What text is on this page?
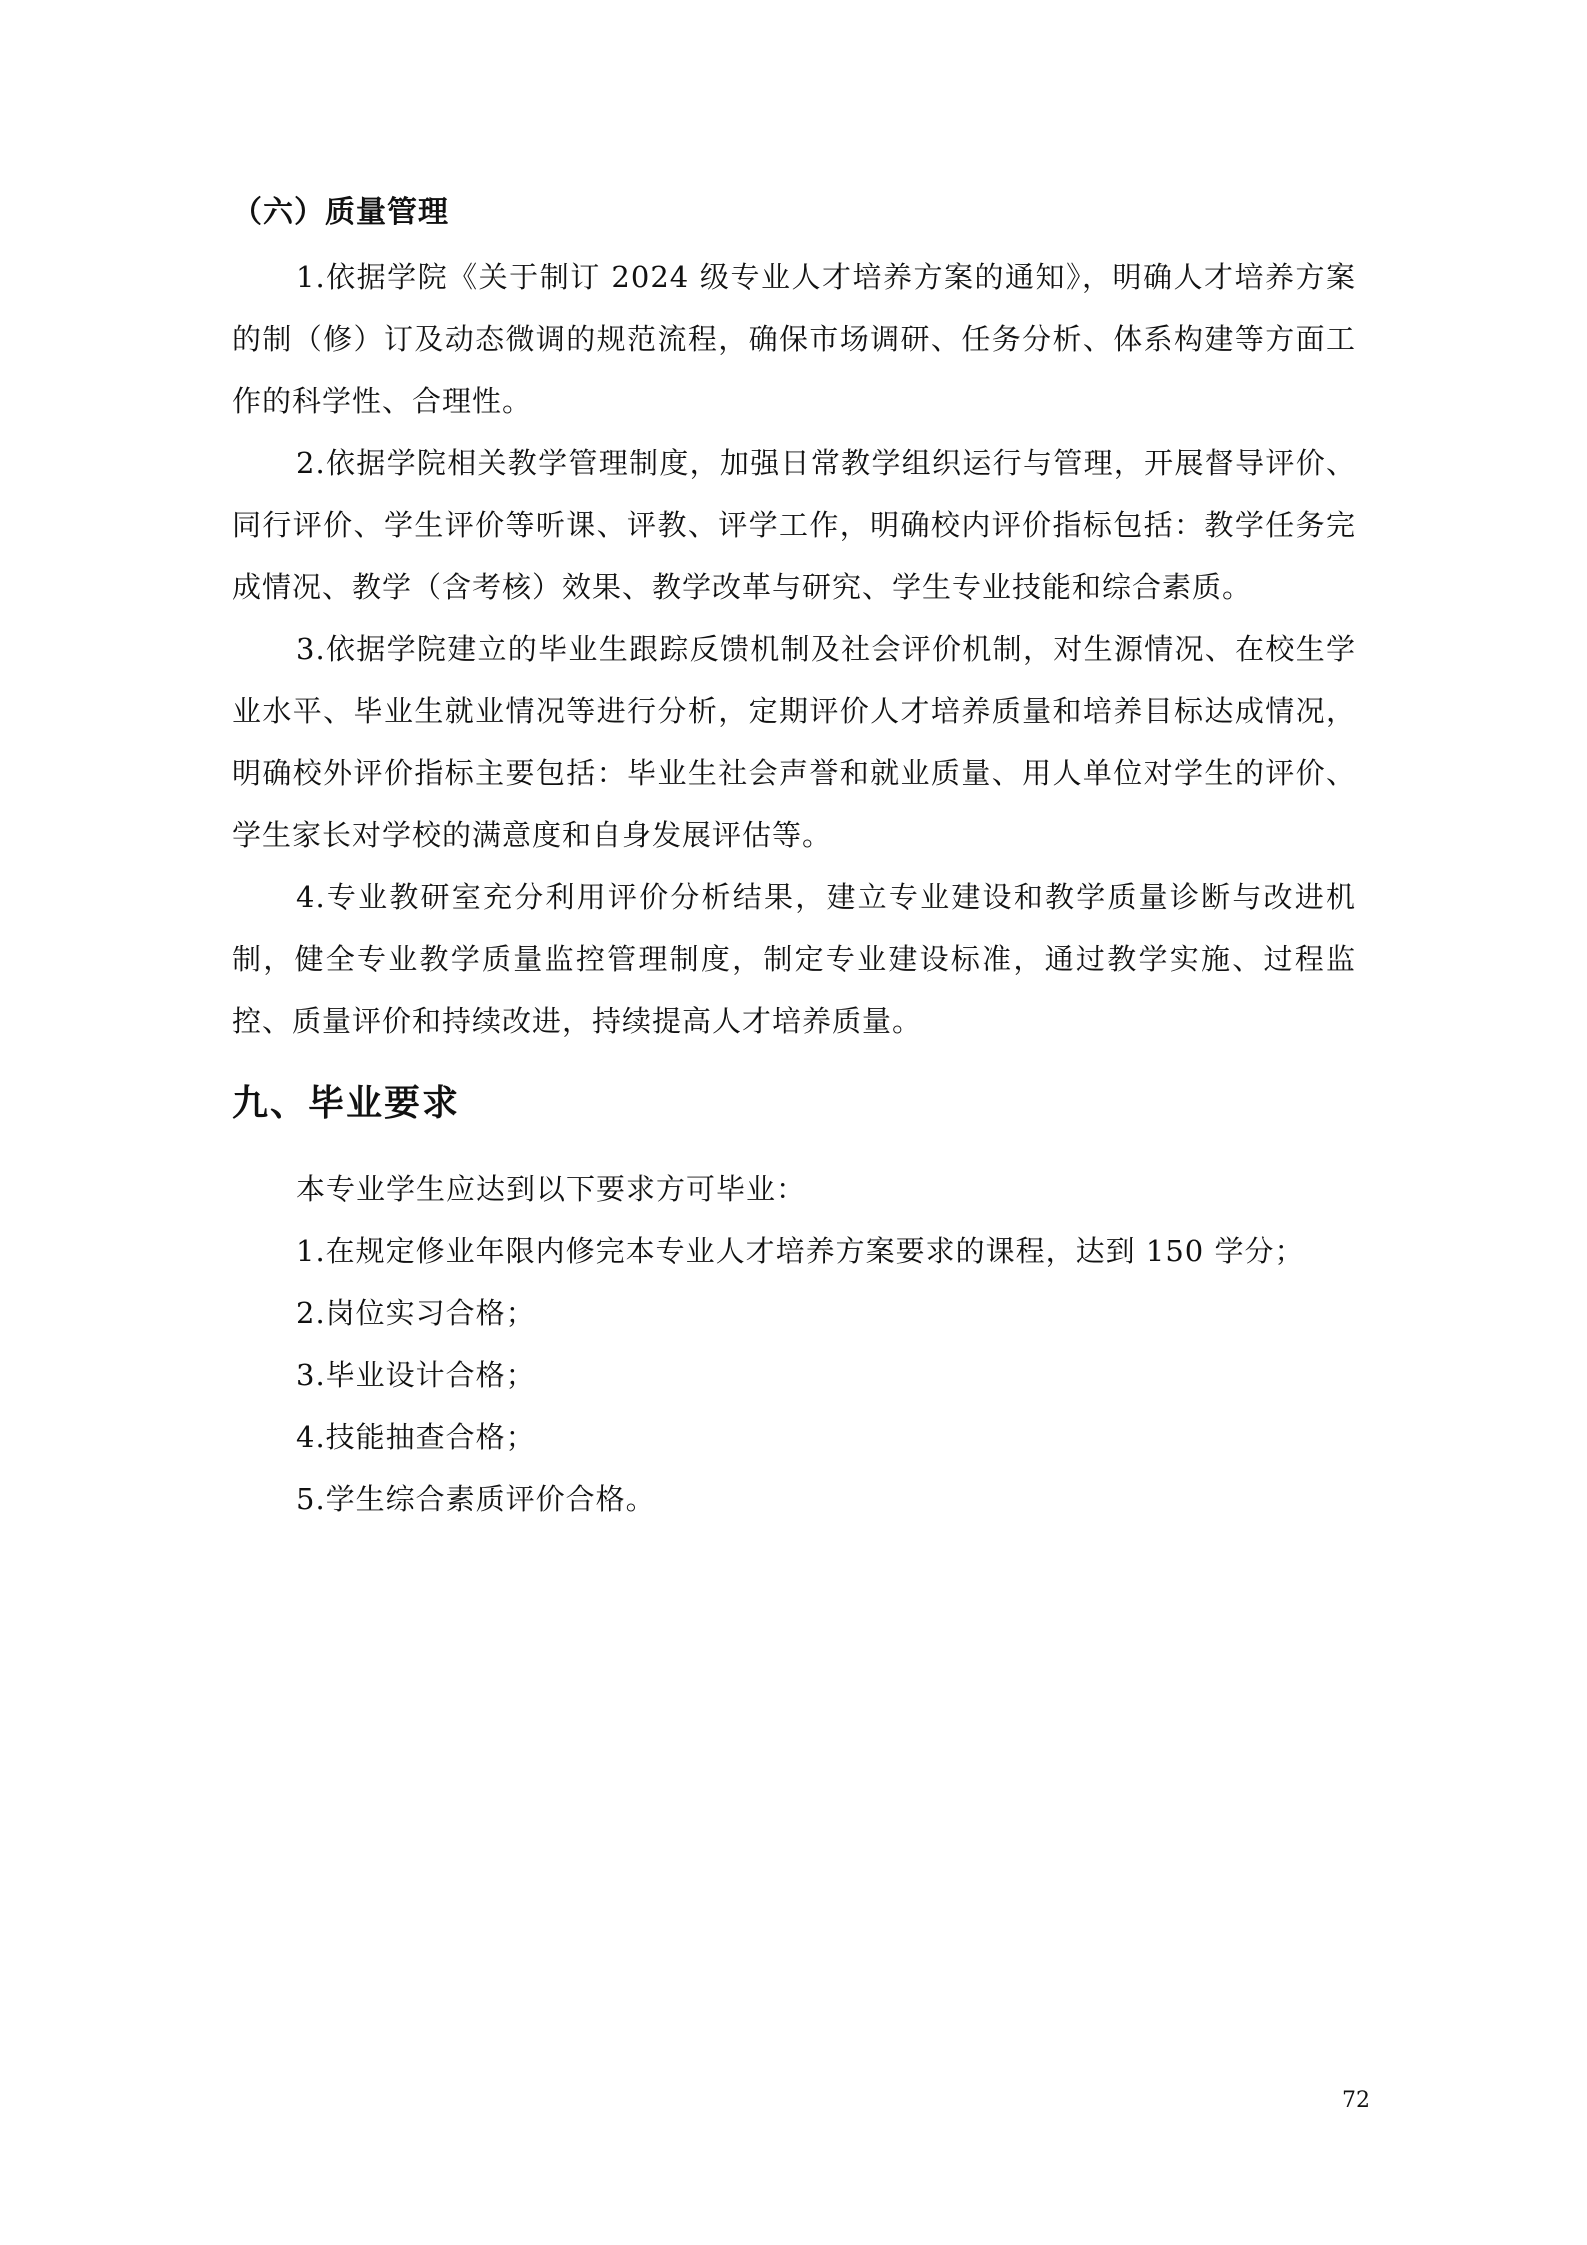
（六）质量管理

1.依据学院《关于制订 2024 级专业人才培养方案的通知》，明确人才培养方案的制（修）订及动态微调的规范流程，确保市场调研、任务分析、体系构建等方面工作的科学性、合理性。

2.依据学院相关教学管理制度，加强日常教学组织运行与管理，开展督导评价、同行评价、学生评价等听课、评教、评学工作，明确校内评价指标包括：教学任务完成情况、教学（含考核）效果、教学改革与研究、学生专业技能和综合素质。

3.依据学院建立的毕业生跟踪反馈机制及社会评价机制，对生源情况、在校生学业水平、毕业生就业情况等进行分析，定期评价人才培养质量和培养目标达成情况，明确校外评价指标主要包括：毕业生社会声誉和就业质量、用人单位对学生的评价、学生家长对学校的满意度和自身发展评估等。

4.专业教研室充分利用评价分析结果，建立专业建设和教学质量诊断与改进机制，健全专业教学质量监控管理制度，制定专业建设标准，通过教学实施、过程监控、质量评价和持续改进，持续提高人才培养质量。

九、毕业要求

本专业学生应达到以下要求方可毕业：

1.在规定修业年限内修完本专业人才培养方案要求的课程，达到 150 学分；

2.岗位实习合格；

3.毕业设计合格；

4.技能抽查合格；

5.学生综合素质评价合格。

72
